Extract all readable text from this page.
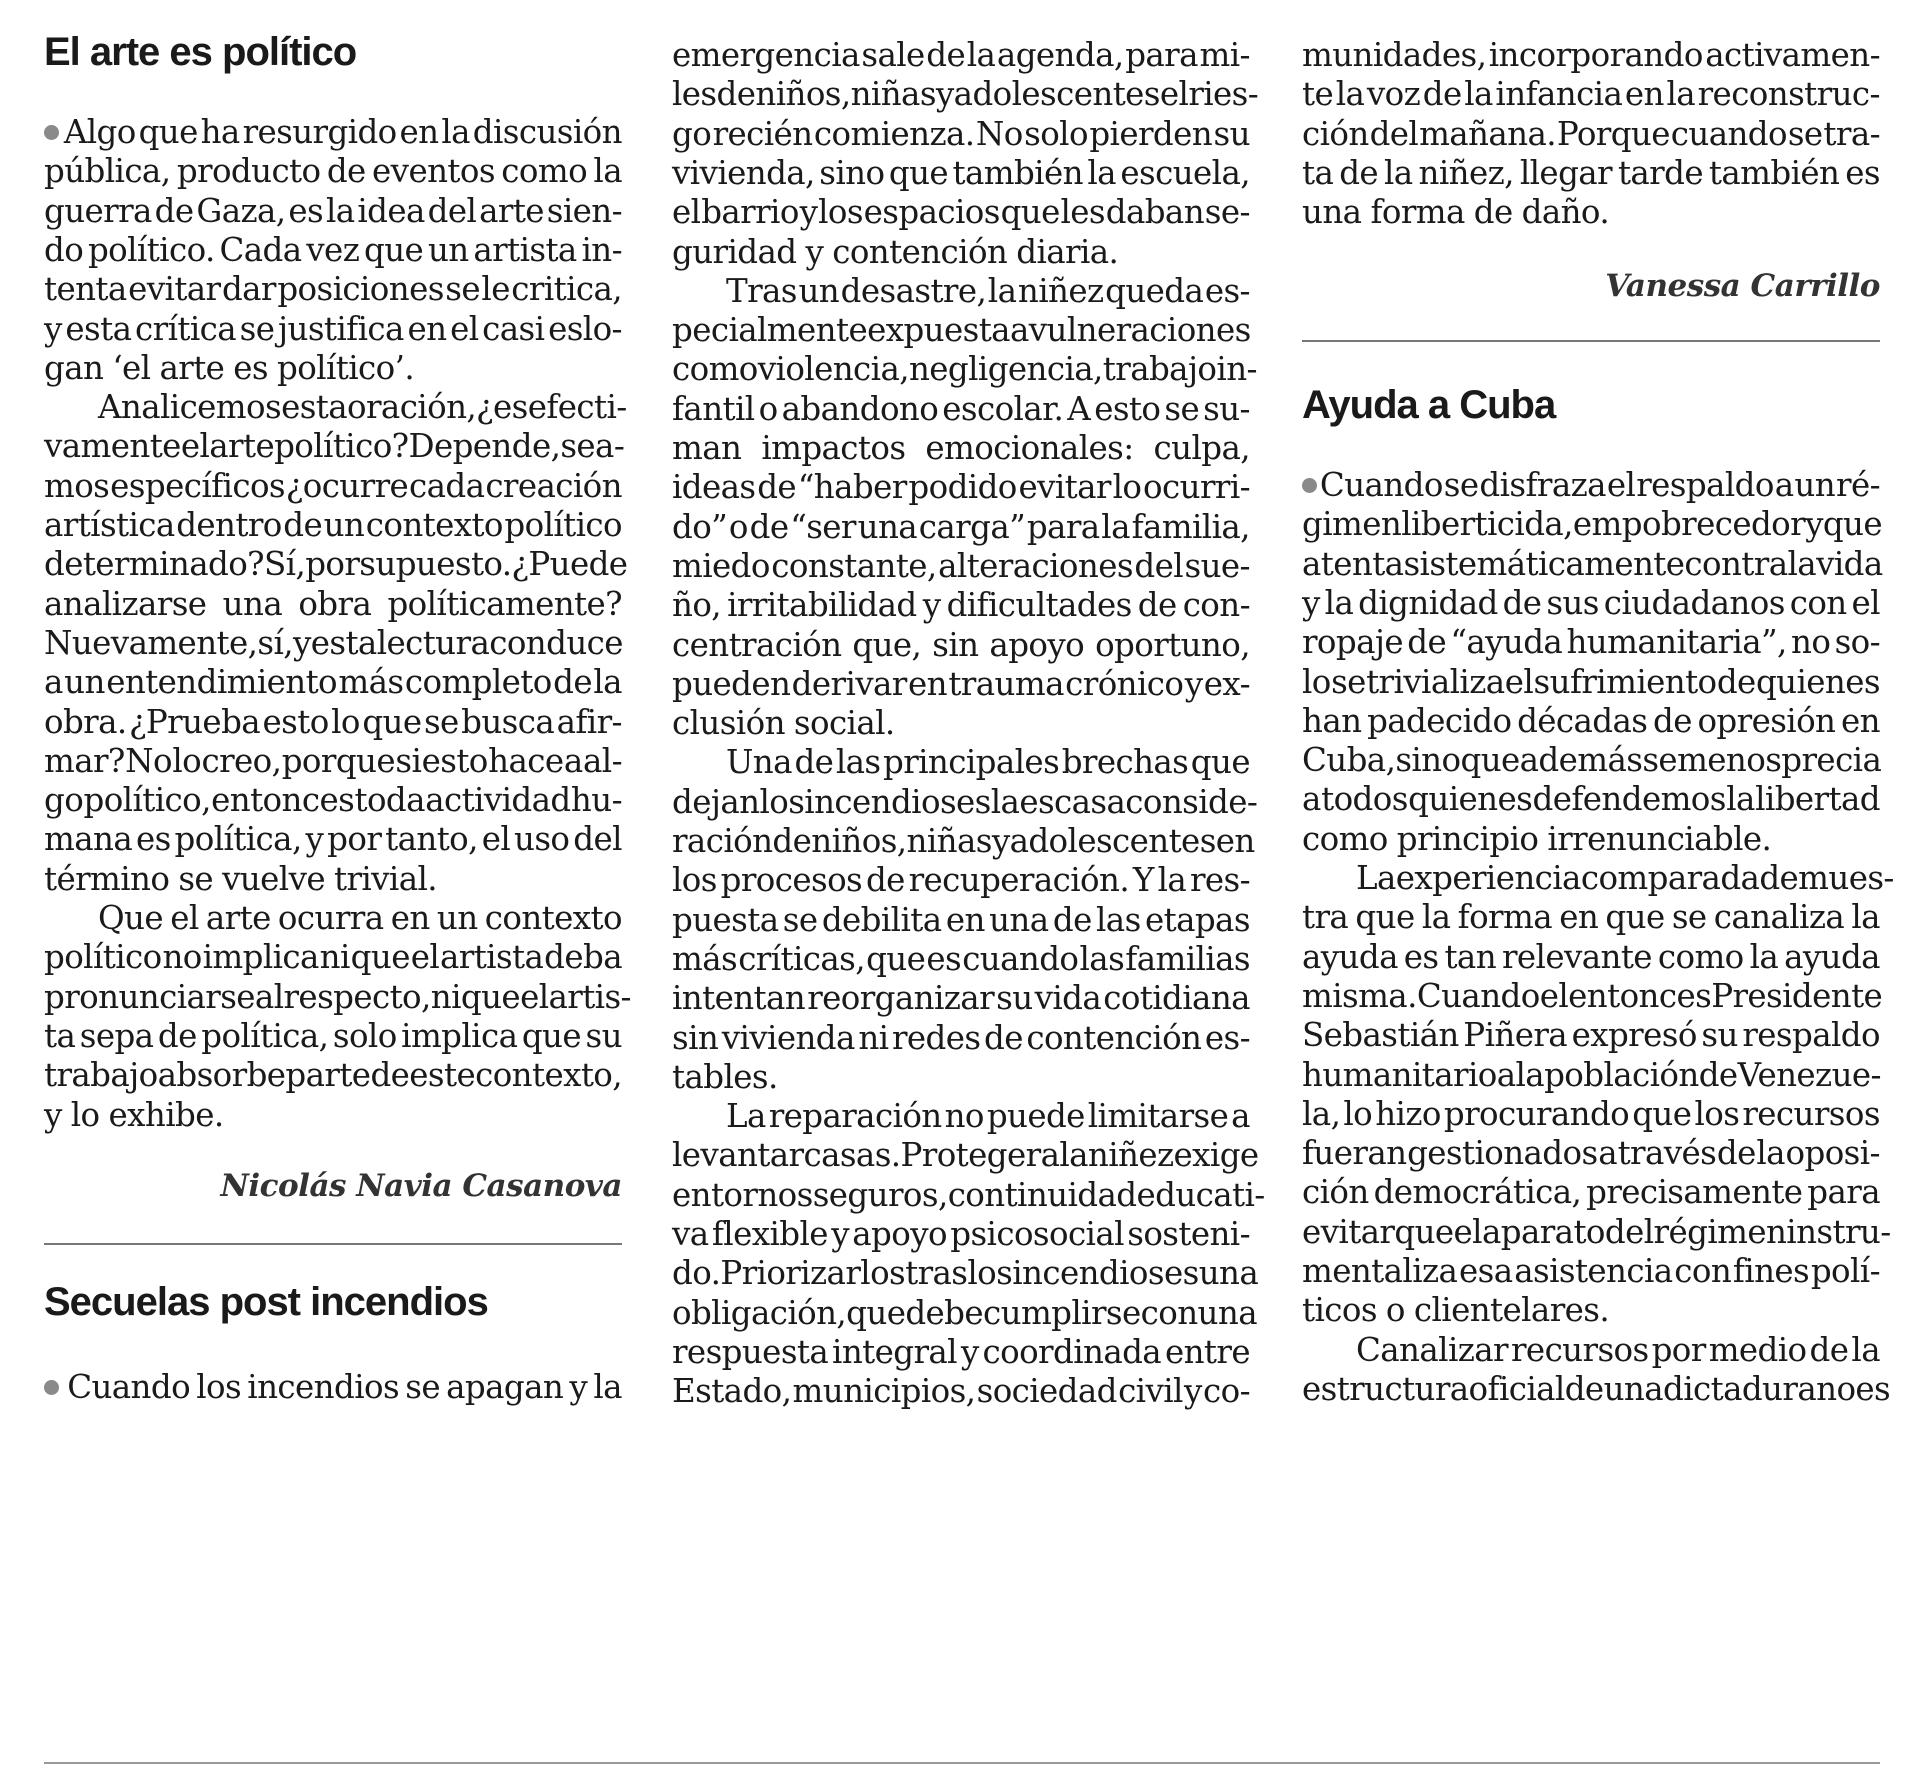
El arte es político
Algo que ha resurgido en la discusión
pública, producto de eventos como la
guerra de Gaza, es la idea del arte sien-
do político. Cada vez que un artista in-
tenta evitar dar posiciones se le critica,
y esta crítica se justifica en el casi eslo-
gan ‘el arte es político’.
Analicemos esta oración, ¿es efecti-
vamente el arte político? Depende, sea-
mos específicos ¿ocurre cada creación
artística dentro de un contexto político
determinado? Sí, por supuesto. ¿Puede
analizarse una obra políticamente?
Nuevamente, sí, y esta lectura conduce
a un entendimiento más completo de la
obra. ¿Prueba esto lo que se busca afir-
mar? No lo creo, porque si esto hace a al-
go político, entonces toda actividad hu-
mana es política, y por tanto, el uso del
término se vuelve trivial.
Que el arte ocurra en un contexto
político no implica ni que el artista deba
pronunciarse al respecto, ni que el artis-
ta sepa de política, solo implica que su
trabajo absorbe parte de este contexto,
y lo exhibe.
Nicolás Navia Casanova
Secuelas post incendios
Cuando los incendios se apagan y la
emergencia sale de la agenda, para mi-
les de niños, niñas y adolescentes el ries-
go recién comienza. No solo pierden su
vivienda, sino que también la escuela,
el barrio y los espacios que les daban se-
guridad y contención diaria.
Tras un desastre, la niñez queda es-
pecialmente expuesta a vulneraciones
como violencia, negligencia, trabajo in-
fantil o abandono escolar. A esto se su-
man impactos emocionales: culpa,
ideas de “haber podido evitar lo ocurri-
do” o de “ser una carga” para la familia,
miedo constante, alteraciones del sue-
ño, irritabilidad y dificultades de con-
centración que, sin apoyo oportuno,
pueden derivar en trauma crónico y ex-
clusión social.
Una de las principales brechas que
dejan los incendios es la escasa conside-
ración de niños, niñas y adolescentes en
los procesos de recuperación. Y la res-
puesta se debilita en una de las etapas
más críticas, que es cuando las familias
intentan reorganizar su vida cotidiana
sin vivienda ni redes de contención es-
tables.
La reparación no puede limitarse a
levantar casas. Proteger a la niñez exige
entornos seguros, continuidad educati-
va flexible y apoyo psicosocial sosteni-
do. Priorizarlos tras los incendios es una
obligación, que debe cumplirse con una
respuesta integral y coordinada entre
Estado, municipios, sociedad civil y co-
munidades, incorporando activamen-
te la voz de la infancia en la reconstruc-
ción del mañana. Porque cuando se tra-
ta de la niñez, llegar tarde también es
una forma de daño.
Vanessa Carrillo
Ayuda a Cuba
Cuando se disfraza el respaldo a un ré-
gimen liberticida, empobrecedor y que
atenta sistemáticamente contra la vida
y la dignidad de sus ciudadanos con el
ropaje de “ayuda humanitaria”, no so-
lo se trivializa el sufrimiento de quienes
han padecido décadas de opresión en
Cuba, sino que además se menosprecia
a todos quienes defendemos la libertad
como principio irrenunciable.
La experiencia comparada demues-
tra que la forma en que se canaliza la
ayuda es tan relevante como la ayuda
misma. Cuando el entonces Presidente
Sebastián Piñera expresó su respaldo
humanitario a la población de Venezue-
la, lo hizo procurando que los recursos
fueran gestionados a través de la oposi-
ción democrática, precisamente para
evitar que el aparato del régimen instru-
mentaliza esa asistencia con fines polí-
ticos o clientelares.
Canalizar recursos por medio de la
estructura oficial de una dictadura no es
